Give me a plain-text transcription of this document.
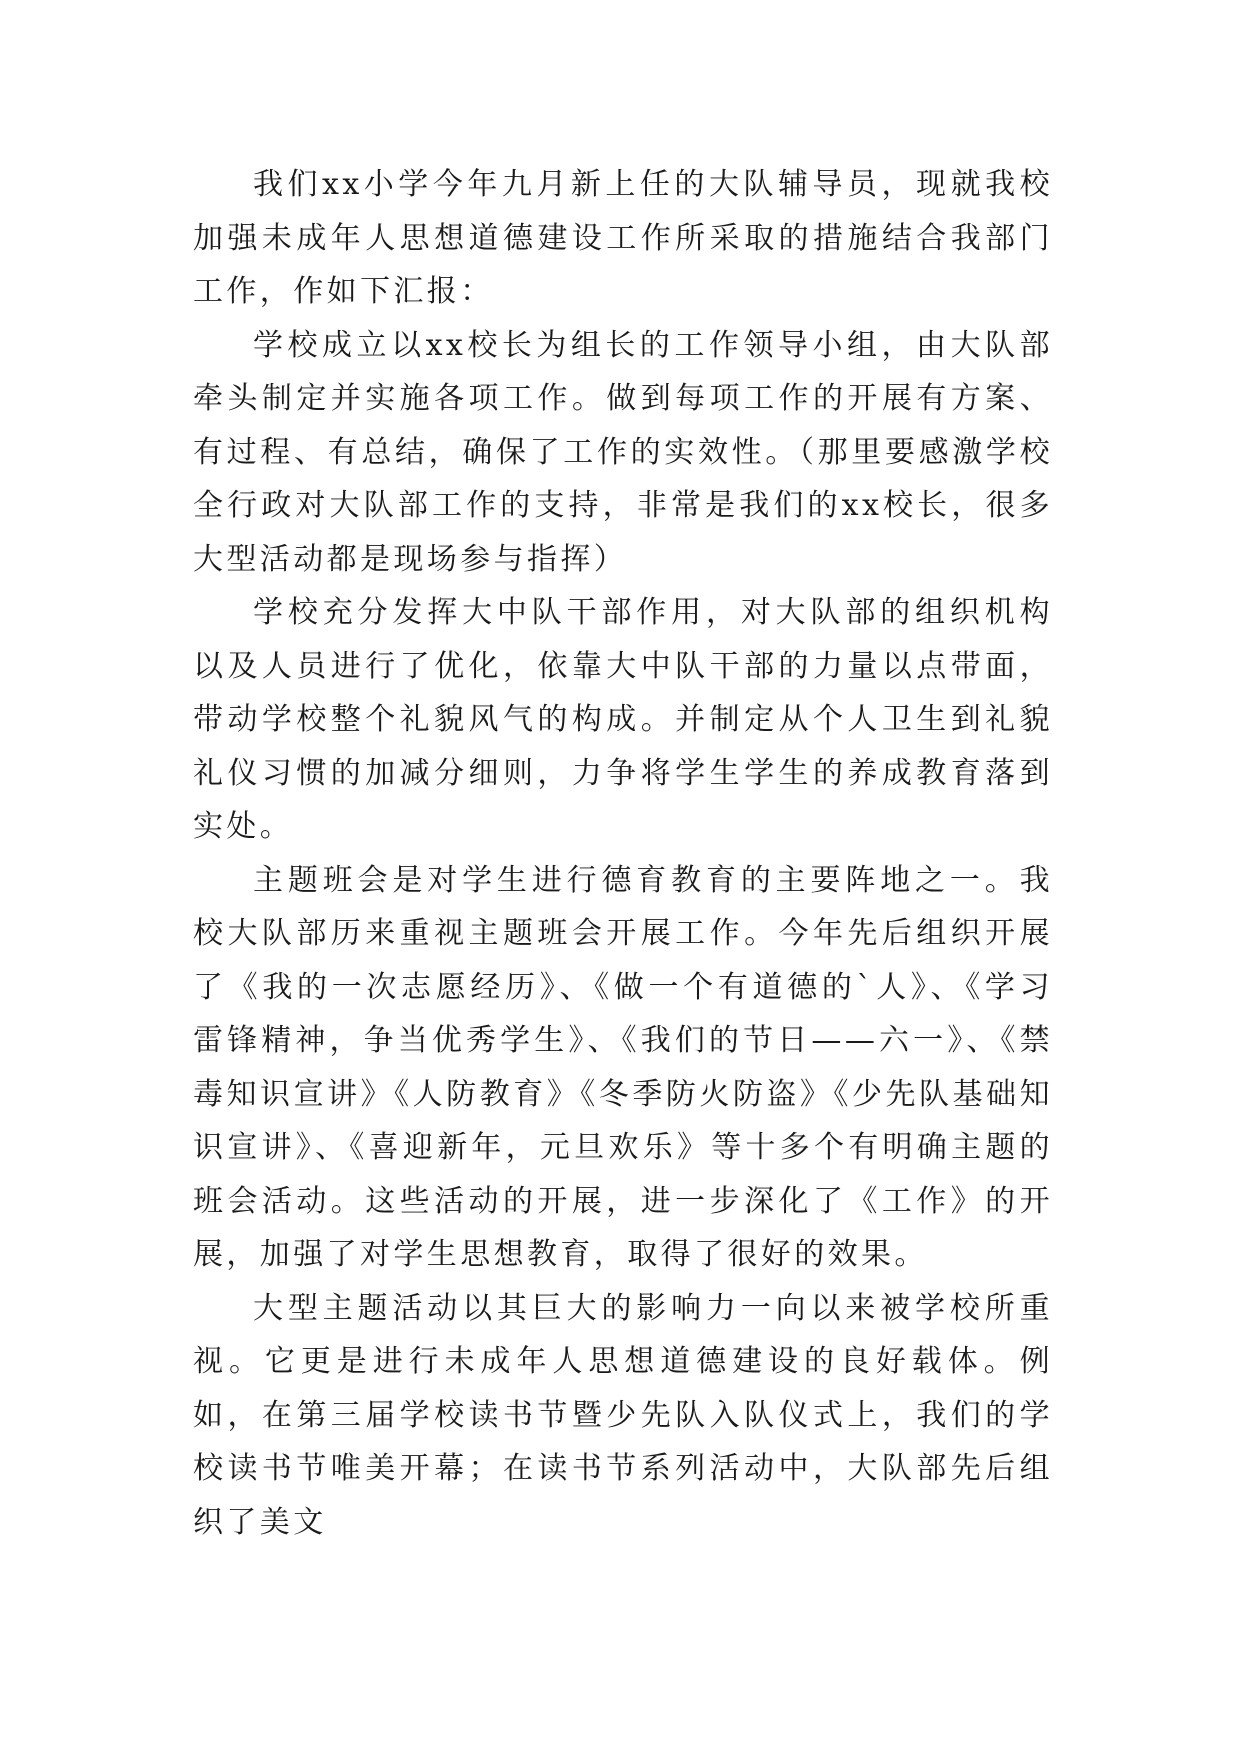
我们xx小学今年九月新上任的大队辅导员，现就我校加强未成年人思想道德建设工作所采取的措施结合我部门工作，作如下汇报：

学校成立以xx校长为组长的工作领导小组，由大队部牵头制定并实施各项工作。做到每项工作的开展有方案、有过程、有总结，确保了工作的实效性。（那里要感激学校全行政对大队部工作的支持，非常是我们的xx校长，很多大型活动都是现场参与指挥）

学校充分发挥大中队干部作用，对大队部的组织机构以及人员进行了优化，依靠大中队干部的力量以点带面，带动学校整个礼貌风气的构成。并制定从个人卫生到礼貌礼仪习惯的加减分细则，力争将学生学生的养成教育落到实处。

主题班会是对学生进行德育教育的主要阵地之一。我校大队部历来重视主题班会开展工作。今年先后组织开展了《我的一次志愿经历》、《做一个有道德的`人》、《学习雷锋精神，争当优秀学生》、《我们的节日——六一》、《禁毒知识宣讲》《人防教育》《冬季防火防盗》《少先队基础知识宣讲》、《喜迎新年，元旦欢乐》等十多个有明确主题的班会活动。这些活动的开展，进一步深化了《工作》的开展，加强了对学生思想教育，取得了很好的效果。

大型主题活动以其巨大的影响力一向以来被学校所重视。它更是进行未成年人思想道德建设的良好载体。例如，在第三届学校读书节暨少先队入队仪式上，我们的学校读书节唯美开幕；在读书节系列活动中，大队部先后组织了美文
